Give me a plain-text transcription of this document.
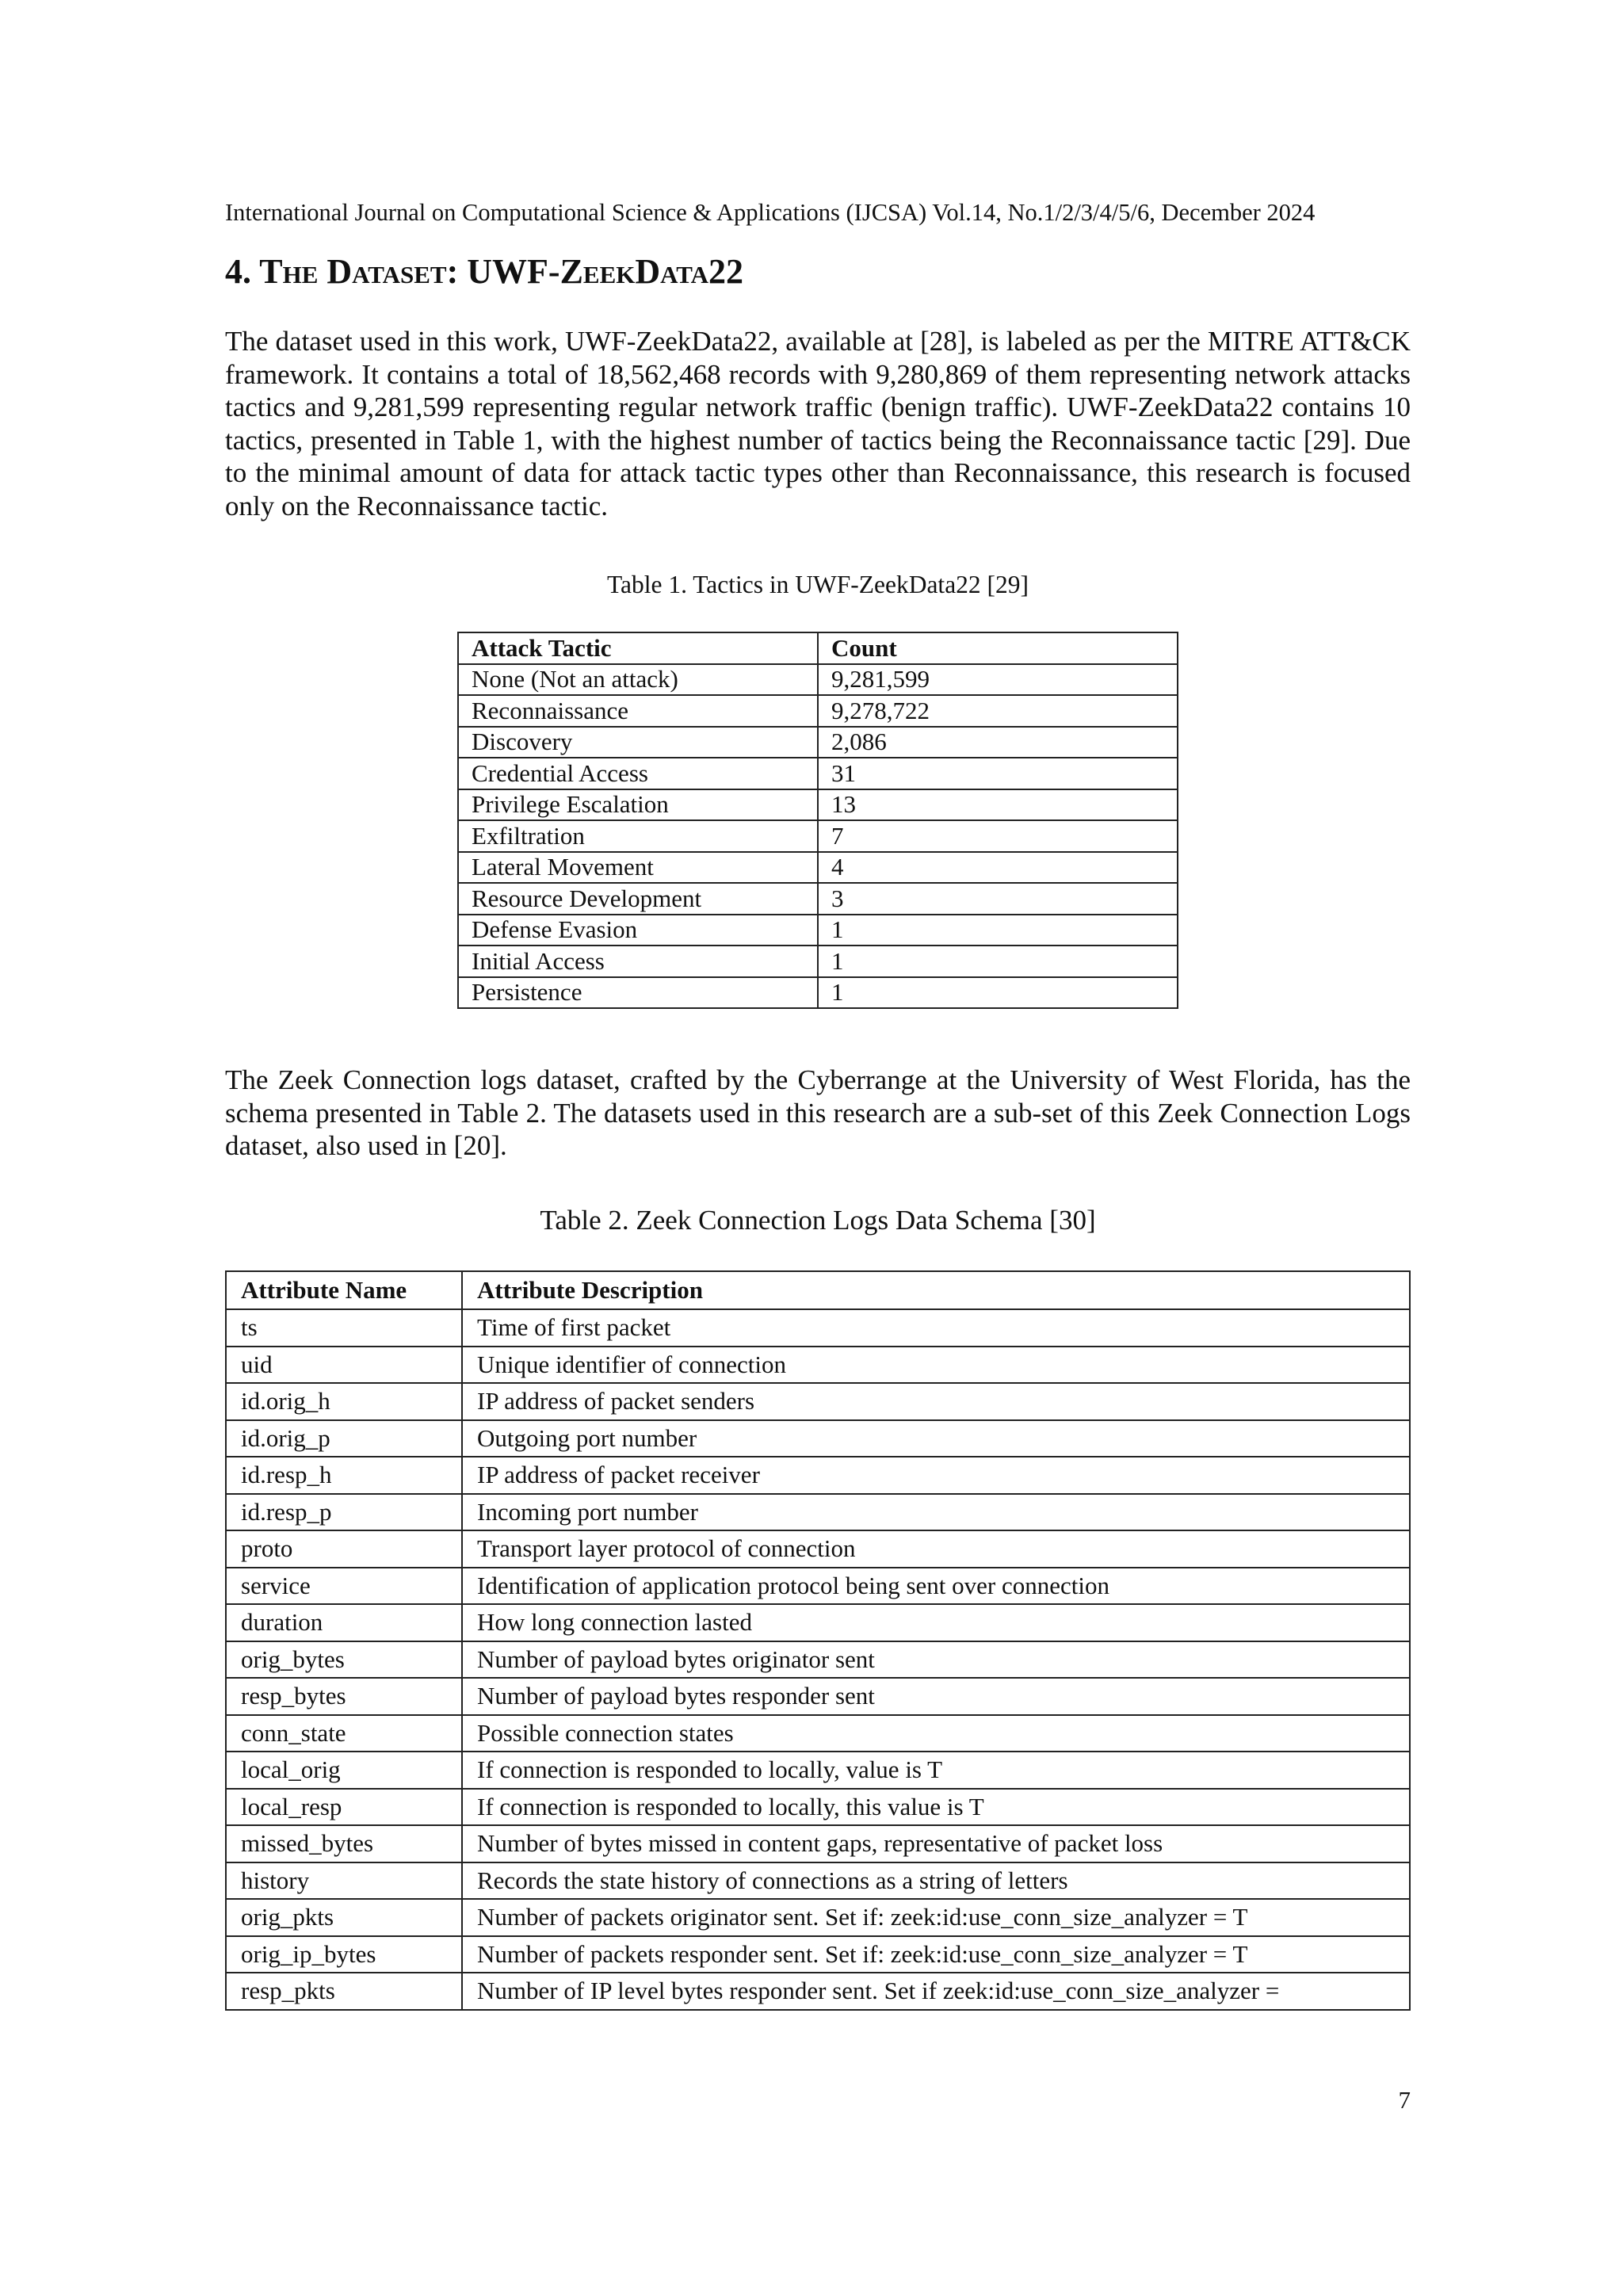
International Journal on Computational Science & Applications (IJCSA) Vol.14, No.1/2/3/4/5/6, December 2024
4. THE DATASET: UWF-ZEEKDATA22

The dataset used in this work, UWF-ZeekData22, available at [28], is labeled as per the MITRE ATT&CK framework. It contains a total of 18,562,468 records with 9,280,869 of them representing network attacks tactics and 9,281,599 representing regular network traffic (benign traffic). UWF-ZeekData22 contains 10 tactics, presented in Table 1, with the highest number of tactics being the Reconnaissance tactic [29]. Due to the minimal amount of data for attack tactic types other than Reconnaissance, this research is focused only on the Reconnaissance tactic.

Table 1. Tactics in UWF-ZeekData22 [29]
Attack Tactic	Count
None (Not an attack)	9,281,599
Reconnaissance	9,278,722
Discovery	2,086
Credential Access	31
Privilege Escalation	13
Exfiltration	7
Lateral Movement	4
Resource Development	3
Defense Evasion	1
Initial Access	1
Persistence	1

The Zeek Connection logs dataset, crafted by the Cyberrange at the University of West Florida, has the schema presented in Table 2. The datasets used in this research are a sub-set of this Zeek Connection Logs dataset, also used in [20].

Table 2. Zeek Connection Logs Data Schema [30]
Attribute Name	Attribute Description
ts	Time of first packet
uid	Unique identifier of connection
id.orig_h	IP address of packet senders
id.orig_p	Outgoing port number
id.resp_h	IP address of packet receiver
id.resp_p	Incoming port number
proto	Transport layer protocol of connection
service	Identification of application protocol being sent over connection
duration	How long connection lasted
orig_bytes	Number of payload bytes originator sent
resp_bytes	Number of payload bytes responder sent
conn_state	Possible connection states
local_orig	If connection is responded to locally, value is T
local_resp	If connection is responded to locally, this value is T
missed_bytes	Number of bytes missed in content gaps, representative of packet loss
history	Records the state history of connections as a string of letters
orig_pkts	Number of packets originator sent. Set if: zeek:id:use_conn_size_analyzer = T
orig_ip_bytes	Number of packets responder sent. Set if: zeek:id:use_conn_size_analyzer = T
resp_pkts	Number of IP level bytes responder sent. Set if zeek:id:use_conn_size_analyzer =
7
